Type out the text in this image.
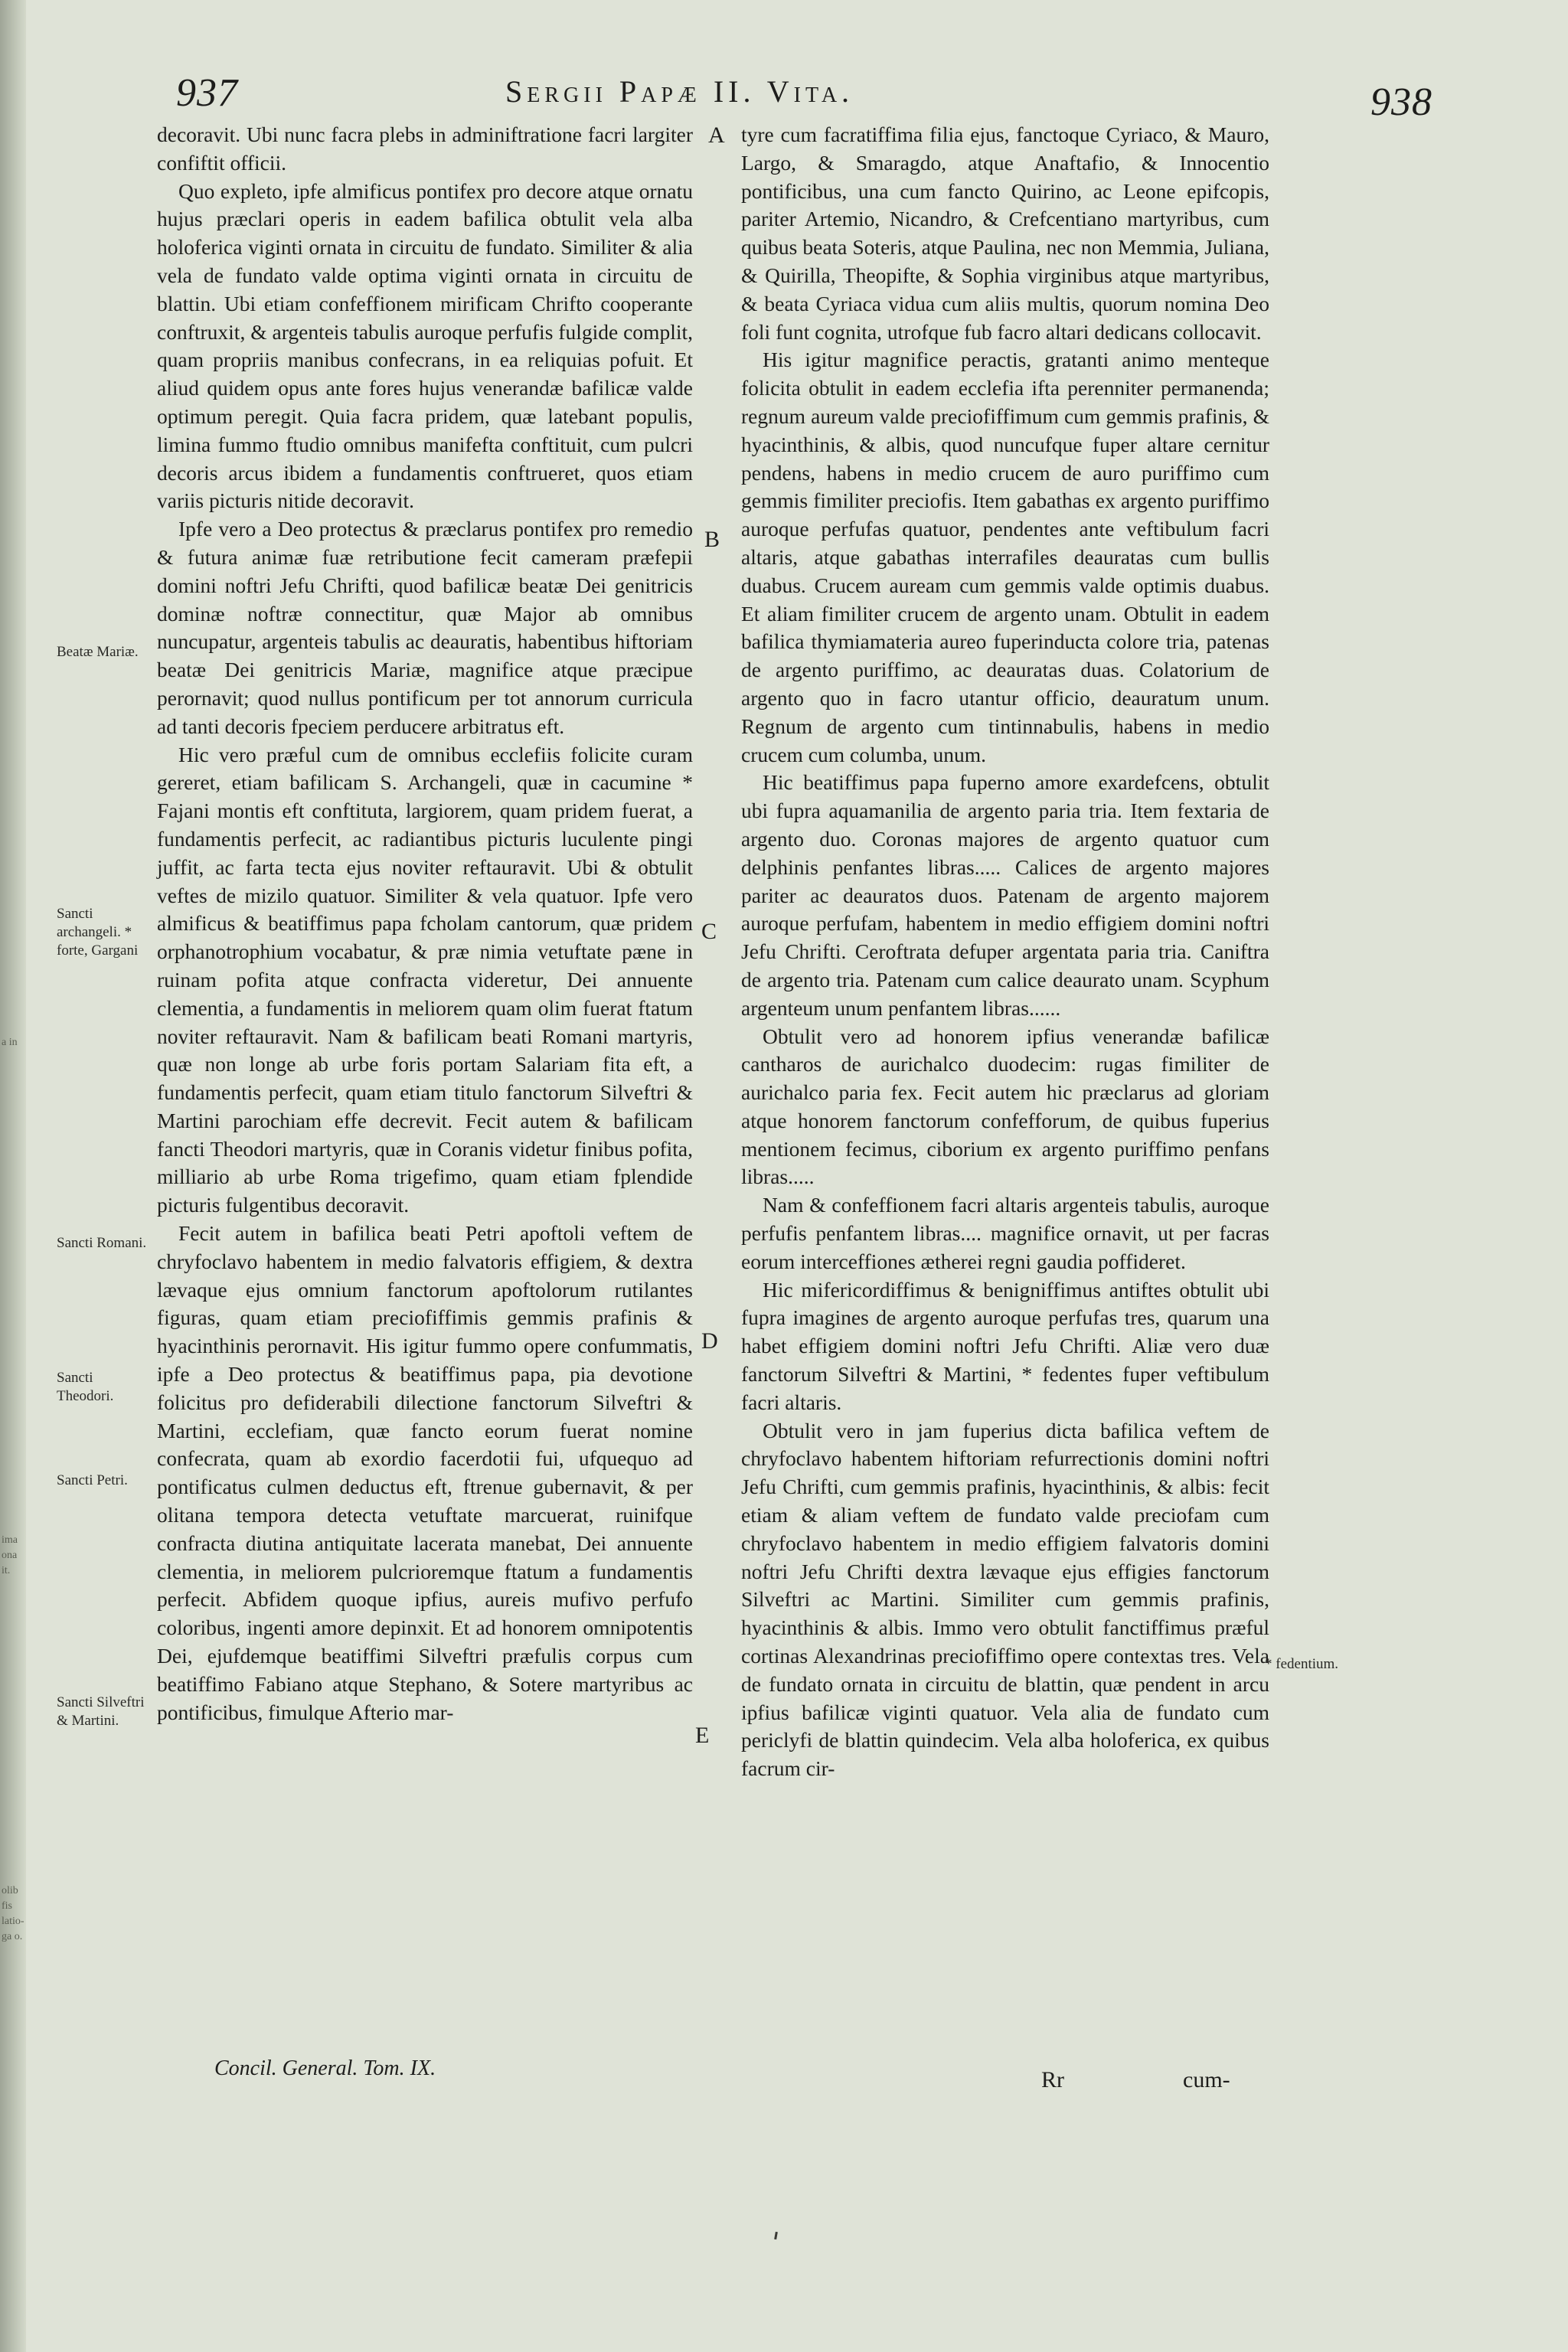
937	Sergii Papæ II. Vita.	938

decoravit. Ubi nunc facra plebs in adminiftratione facri largiter confiftit officii.

Quo expleto, ipfe almificus pontifex pro decore atque ornatu hujus præclari operis in eadem bafilica obtulit vela alba holoferica viginti ornata in circuitu de fundato. Similiter & alia vela de fundato valde optima viginti ornata in circuitu de blattin. Ubi etiam confeffionem mirificam Chrifto cooperante conftruxit, & argenteis tabulis auroque perfufis fulgide complit, quam propriis manibus confecrans, in ea reliquias pofuit. Et aliud quidem opus ante fores hujus venerandæ bafilicæ valde optimum peregit. Quia facra pridem, quæ latebant populis, limina fummo ftudio omnibus manifefta conftituit, cum pulcri decoris arcus ibidem a fundamentis conftrueret, quos etiam variis picturis nitide decoravit.

Ipfe vero a Deo protectus & præclarus pontifex pro remedio & futura animæ fuæ retributione fecit cameram præfepii domini noftri Jefu Chrifti, quod bafilicæ beatæ Dei genitricis dominæ noftræ connectitur, quæ Major ab omnibus nuncupatur, argenteis tabulis ac deauratis, habentibus hiftoriam beatæ Dei genitricis Mariæ, magnifice atque præcipue perornavit; quod nullus pontificum per tot annorum curricula ad tanti decoris fpeciem perducere arbitratus eft.

Hic vero præful cum de omnibus ecclefiis folicite curam gereret, etiam bafilicam S. Archangeli, quæ in cacumine * Fajani montis eft conftituta, largiorem, quam pridem fuerat, a fundamentis perfecit, ac radiantibus picturis luculente pingi juffit, ac farta tecta ejus noviter reftauravit. Ubi & obtulit veftes de mizilo quatuor. Similiter & vela quatuor. Ipfe vero almificus & beatiffimus papa fcholam cantorum, quæ pridem orphanotrophium vocabatur, & præ nimia vetuftate pæne in ruinam pofita atque confracta videretur, Dei annuente clementia, a fundamentis in meliorem quam olim fuerat ftatum noviter reftauravit. Nam & bafilicam beati Romani martyris, quæ non longe ab urbe foris portam Salariam fita eft, a fundamentis perfecit, quam etiam titulo fanctorum Silveftri & Martini parochiam effe decrevit. Fecit autem & bafilicam fancti Theodori martyris, quæ in Coranis videtur finibus pofita, milliario ab urbe Roma trigefimo, quam etiam fplendide picturis fulgentibus decoravit.

Fecit autem in bafilica beati Petri apoftoli veftem de chryfoclavo habentem in medio falvatoris effigiem, & dextra lævaque ejus omnium fanctorum apoftolorum rutilantes figuras, quam etiam preciofiffimis gemmis prafinis & hyacinthinis perornavit. His igitur fummo opere confummatis, ipfe a Deo protectus & beatiffimus papa, pia devotione folicitus pro defiderabili dilectione fanctorum Silveftri & Martini, ecclefiam, quæ fancto eorum fuerat nomine confecrata, quam ab exordio facerdotii fui, ufquequo ad pontificatus culmen deductus eft, ftrenue gubernavit, & per olitana tempora detecta vetuftate marcuerat, ruinifque confracta diutina antiquitate lacerata manebat, Dei annuente clementia, in meliorem pulcrioremque ftatum a fundamentis perfecit. Abfidem quoque ipfius, aureis mufivo perfufo coloribus, ingenti amore depinxit. Et ad honorem omnipotentis Dei, ejufdemque beatiffimi Silveftri præfulis corpus cum beatiffimo Fabiano atque Stephano, & Sotere martyribus ac pontificibus, fimulque Afterio mar-

tyre cum facratiffima filia ejus, fanctoque Cyriaco, & Mauro, Largo, & Smaragdo, atque Anaftafio, & Innocentio pontificibus, una cum fancto Quirino, ac Leone epifcopis, pariter Artemio, Nicandro, & Crefcentiano martyribus, cum quibus beata Soteris, atque Paulina, nec non Memmia, Juliana, & Quirilla, Theopifte, & Sophia virginibus atque martyribus, & beata Cyriaca vidua cum aliis multis, quorum nomina Deo foli funt cognita, utrofque fub facro altari dedicans collocavit.

His igitur magnifice peractis, gratanti animo menteque folicita obtulit in eadem ecclefia ifta perenniter permanenda; regnum aureum valde preciofiffimum cum gemmis prafinis, & hyacinthinis, & albis, quod nuncufque fuper altare cernitur pendens, habens in medio crucem de auro puriffimo cum gemmis fimiliter preciofis. Item gabathas ex argento puriffimo auroque perfufas quatuor, pendentes ante veftibulum facri altaris, atque gabathas interrafiles deauratas cum bullis duabus. Crucem auream cum gemmis valde optimis duabus. Et aliam fimiliter crucem de argento unam. Obtulit in eadem bafilica thymiamateria aureo fuperinducta colore tria, patenas de argento puriffimo, ac deauratas duas. Colatorium de argento quo in facro utantur officio, deauratum unum. Regnum de argento cum tintinnabulis, habens in medio crucem cum columba, unum.

Hic beatiffimus papa fuperno amore exardefcens, obtulit ubi fupra aquamanilia de argento paria tria. Item fextaria de argento duo. Coronas majores de argento quatuor cum delphinis penfantes libras..... Calices de argento majores pariter ac deauratos duos. Patenam de argento majorem auroque perfufam, habentem in medio effigiem domini noftri Jefu Chrifti. Ceroftrata defuper argentata paria tria. Caniftra de argento tria. Patenam cum calice deaurato unam. Scyphum argenteum unum penfantem libras......

Obtulit vero ad honorem ipfius venerandæ bafilicæ cantharos de aurichalco duodecim: rugas fimiliter de aurichalco paria fex. Fecit autem hic præclarus ad gloriam atque honorem fanctorum confefforum, de quibus fuperius mentionem fecimus, ciborium ex argento puriffimo penfans libras.....

Nam & confeffionem facri altaris argenteis tabulis, auroque perfufis penfantem libras.... magnifice ornavit, ut per facras eorum interceffiones ætherei regni gaudia poffideret.

Hic mifericordiffimus & benigniffimus antiftes obtulit ubi fupra imagines de argento auroque perfufas tres, quarum una habet effigiem domini noftri Jefu Chrifti. Aliæ vero duæ fanctorum Silveftri & Martini, * fedentes fuper veftibulum facri altaris.

Obtulit vero in jam fuperius dicta bafilica veftem de chryfoclavo habentem hiftoriam refurrectionis domini noftri Jefu Chrifti, cum gemmis prafinis, hyacinthinis, & albis: fecit etiam & aliam veftem de fundato valde preciofam cum chryfoclavo habentem in medio effigiem falvatoris domini noftri Jefu Chrifti dextra lævaque ejus effigies fanctorum Silveftri ac Martini. Similiter cum gemmis prafinis, hyacinthinis & albis. Immo vero obtulit fanctiffimus præful cortinas Alexandrinas preciofiffimo opere contextas tres. Vela de fundato ornata in circuitu de blattin, quæ pendent in arcu ipfius bafilicæ viginti quatuor. Vela alia de fundato cum periclyfi de blattin quindecim. Vela alba holoferica, ex quibus facrum cir-

A
B
C
D
E
Beatæ Mariæ.
Sancti archangeli. * forte, Gargani
Sancti Romani.
Sancti Theodori.
Sancti Petri.
Sancti Silveftri & Martini.
* fedentium.
a in
ima ona it.
olib fis latio- ga o.
Concil. General. Tom. IX.	Rr	cum-
